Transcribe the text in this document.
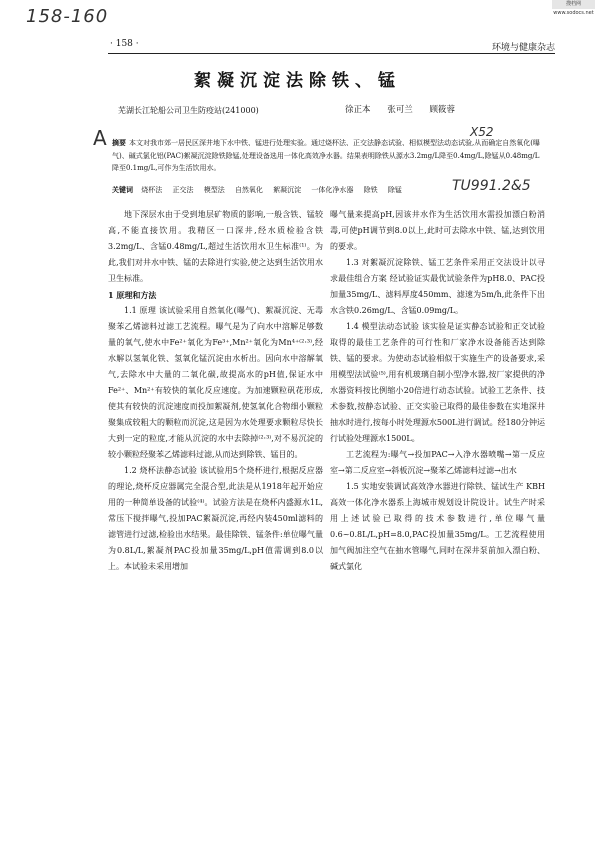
搜档网 www.sodocs.net
158-160
· 158 ·	环境与健康杂志
絮凝沉淀法除铁、锰
芜湖长江轮船公司卫生防疫站(241000)	徐正本 张可兰 顾筱蓉
A	X52
摘要 本文对我市郊一居民区深井地下水中铁、锰进行处理实验。通过烧杯法、正交法静态试验、相似模型法动态试验,从而确定自然氧化(曝气)、碱式氯化铝(PAC)絮凝沉淀除铁除锰,处理设备选用一体化高效净水器。结果表明除铁从源水3.2mg/L降至0.4mg/L,除锰从0.48mg/L降至0.1mg/L,可作为生活饮用水。
关键词 烧杯法 正交法 模型法 自然氧化 絮凝沉淀 一体化净水器 除铁 除锰	TU991.2&5

地下深层水由于受到地层矿物质的影响,一般含铁、锰较高,不能直接饮用。我精区一口深井,经水质检验含铁3.2mg/L、含锰0.48mg/L,超过生活饮用水卫生标准⁽¹⁾。为此,我们对井水中铁、锰的去除进行实验,使之达到生活饮用水卫生标准。

1 原理和方法

1.1 原理 该试验采用自然氧化(曝气)、絮凝沉淀、无毒聚苯乙烯滤料过滤工艺流程。曝气是为了向水中溶解足够数量的氧气,使水中Fe²⁺氧化为Fe³⁺,Mn²⁺氧化为Mn⁴⁺⁽²·³⁾,经水解以氢氧化铁、氢氧化锰沉淀由水析出。因向水中溶解氧气,去除水中大量的二氧化碳,故提高水的pH值,保证水中Fe²⁺、Mn²⁺有较快的氧化反应速度。为加速颗粒矾花形成,使其有较快的沉淀速度而投加絮凝剂,使氢氧化合物细小颗粒聚集成较粗大的颗粒而沉淀,这是因为水处理要求颗粒尽快长大到一定的粒度,才能从沉淀的水中去除掉⁽²·³⁾,对不易沉淀的较小颗粒经聚苯乙烯滤料过滤,从而达到除铁、锰目的。

1.2 烧杯法静态试验 该试验用5个烧杯进行,根据反应器的理论,烧杯反应器属完全混合型,此法是从1918年起开始应用的一种简单设备的试验⁽⁴⁾。试验方法是在烧杯内盛源水1L,常压下搅拌曝气,投加PAC絮凝沉淀,再经内装450ml滤料的滤管进行过滤,检验出水结果。最佳除铁、锰条件:单位曝气量为0.8L/L,絮凝剂PAC投加量35mg/L,pH值需调到8.0以上。本试验未采用增加

曝气量来提高pH,因该井水作为生活饮用水需投加漂白粉消毒,可使pH调节到8.0以上,此时可去除水中铁、锰,达到饮用的要求。

1.3 对絮凝沉淀除铁、锰工艺条件采用正交法设计以寻求最佳组合方案 经试验证实最优试验条件为pH8.0、PAC投加量35mg/L、滤料厚度450mm、滤速为5m/h,此条件下出水含铁0.26mg/L、含锰0.09mg/L。

1.4 模型法动态试验 该实验是证实静态试验和正交试验取得的最佳工艺条件的可行性和厂家净水设备能否达到除铁、锰的要求。为使动态试验相似于实施生产的设备要求,采用模型法试验⁽⁵⁾,用有机玻璃自制小型净水器,按厂家提供的净水器资料按比例缩小20倍进行动态试验。试验工艺条件、技术参数,按静态试验、正交实验已取得的最佳参数在实地深井抽水时进行,按每小时处理源水500L进行调试。经180分钟运行试验处理源水1500L。

工艺流程为:曝气→投加PAC→入净水器喷嘴→第一反应室→第二反应室→斜板沉淀→聚苯乙烯滤料过滤→出水

1.5 实地安装调试高效净水器进行除铁、锰试生产 KBH高效一体化净水器系上海城市规划设计院设计。试生产时采用上述试验已取得的技术参数进行,单位曝气量0.6~0.8L/L,pH=8.0,PAC投加量35mg/L。工艺流程使用加气阀加注空气在抽水管曝气,同时在深井泵前加入漂白粉、碱式氯化
